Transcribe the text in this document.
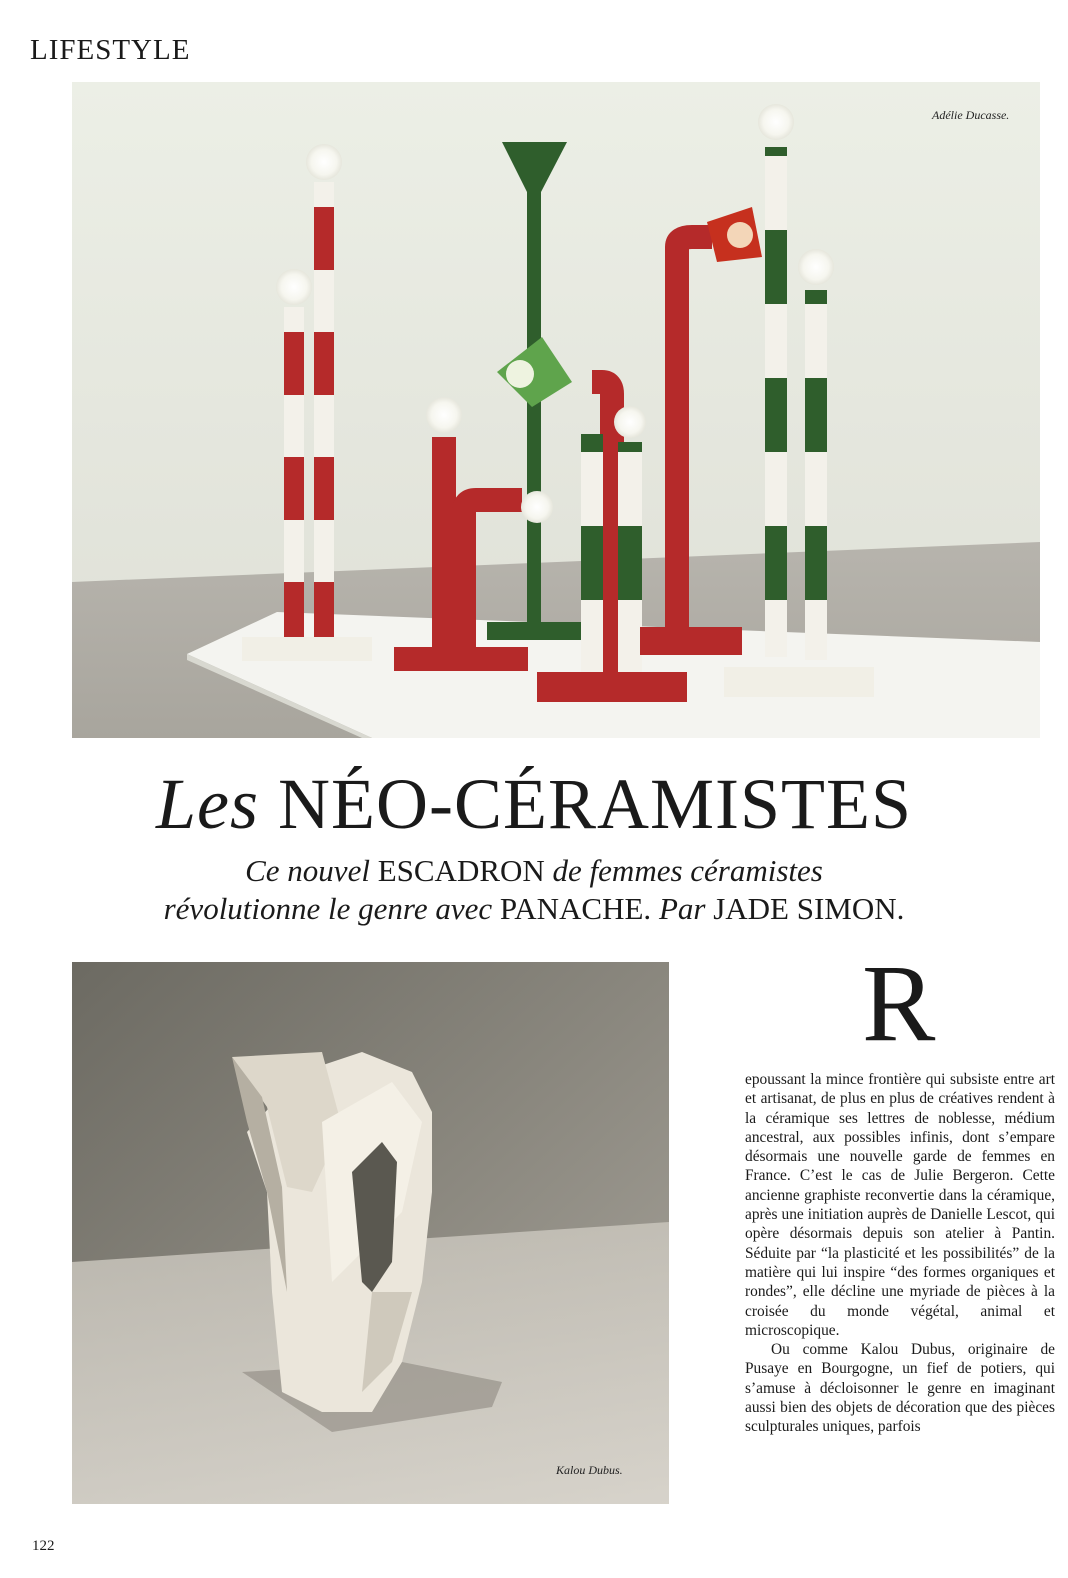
LIFESTYLE
Adélie Ducasse.
Les NÉO-CÉRAMISTES
Ce nouvel ESCADRON de femmes céramistes
révolutionne le genre avec PANACHE. Par JADE SIMON.
Kalou Dubus.
R

epoussant la mince frontière qui subsiste entre art et artisanat, de plus en plus de créatives rendent à la céramique ses lettres de noblesse, médium ancestral, aux possibles infinis, dont s’empare désormais une nouvelle garde de femmes en France. C’est le cas de Julie Bergeron. Cette ancienne graphiste reconvertie dans la céramique, après une initiation auprès de Danielle Lescot, qui opère désormais depuis son atelier à Pantin. Séduite par “la plasticité et les possibilités” de la matière qui lui inspire “des formes organiques et rondes”, elle décline une myriade de pièces à la croisée du monde végétal, animal et microscopique.

Ou comme Kalou Dubus, originaire de Pusaye en Bourgogne, un fief de potiers, qui s’amuse à décloisonner le genre en imaginant aussi bien des objets de décoration que des pièces sculpturales uniques, parfois

122
